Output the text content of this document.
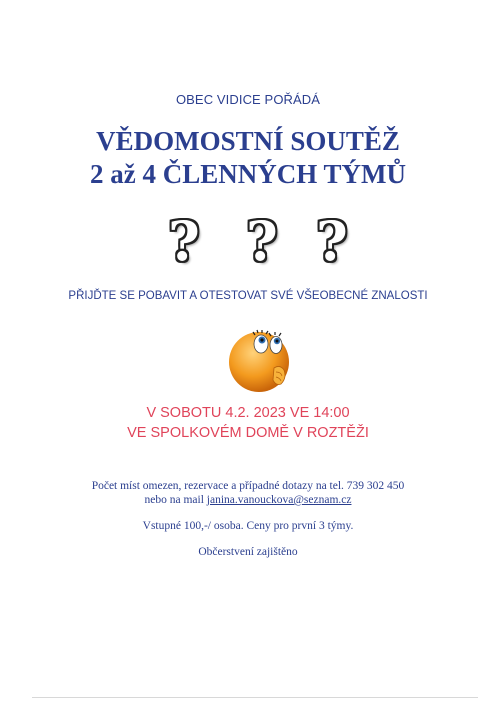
OBEC VIDICE POŘÁDÁ
VĚDOMOSTNÍ SOUTĚŽ
2 až 4 ČLENNÝCH TÝMŮ
? ? ?
PŘIJĎTE SE POBAVIT A OTESTOVAT SVÉ VŠEOBECNÉ ZNALOSTI
V SOBOTU 4.2. 2023 VE 14:00
VE SPOLKOVÉM DOMĚ V ROZTĚŽI
Počet míst omezen, rezervace a případné dotazy na tel. 739 302 450
nebo na mail janina.vanouckova@seznam.cz
Vstupné 100,-/ osoba. Ceny pro první 3 týmy.
Občerstvení zajištěno
